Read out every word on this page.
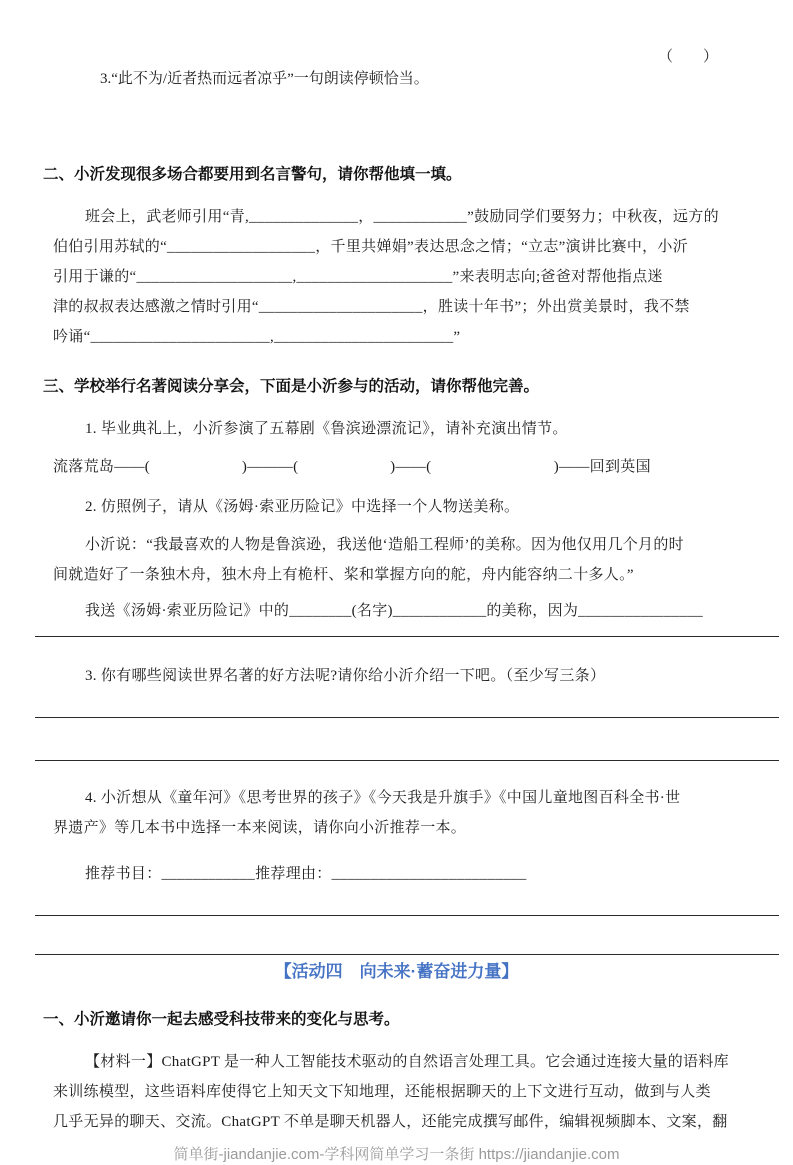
3.“此不为/近者热而远者凉乎”一句朗读停顿恰当。

（　　）

二、小沂发现很多场合都要用到名言警句，请你帮他填一填。
班会上，武老师引用“青,______________，____________”鼓励同学们要努力；中秋夜，远方的
伯伯引用苏轼的“___________________，千里共婵娟”表达思念之情；“立志”演讲比赛中，小沂
引用于谦的“____________________,____________________”来表明志向;爸爸对帮他指点迷
津的叔叔表达感激之情时引用“_____________________，胜读十年书”；外出赏美景时，我不禁
吟诵“_______________________,_______________________”
三、学校举行名著阅读分享会，下面是小沂参与的活动，请你帮他完善。
1. 毕业典礼上，小沂参演了五幕剧《鲁滨逊漂流记》，请补充演出情节。
流落荒岛——(　　　　　　)———(　　　　　　)——(　　　　　　　　)——回到英国
2. 仿照例子，请从《汤姆·索亚历险记》中选择一个人物送美称。
小沂说：“我最喜欢的人物是鲁滨逊，我送他‘造船工程师’的美称。因为他仅用几个月的时
间就造好了一条独木舟，独木舟上有桅杆、桨和掌握方向的舵，舟内能容纳二十多人。”
我送《汤姆·索亚历险记》中的________(名字)____________的美称，因为________________
3. 你有哪些阅读世界名著的好方法呢?请你给小沂介绍一下吧。（至少写三条）
4. 小沂想从《童年河》《思考世界的孩子》《今天我是升旗手》《中国儿童地图百科全书·世
界遗产》等几本书中选择一本来阅读，请你向小沂推荐一本。
推荐书目：____________推荐理由：_________________________
【活动四　向未来·蓄奋进力量】
一、小沂邀请你一起去感受科技带来的变化与思考。
【材料一】ChatGPT 是一种人工智能技术驱动的自然语言处理工具。它会通过连接大量的语料库
来训练模型，这些语料库使得它上知天文下知地理，还能根据聊天的上下文进行互动，做到与人类
几乎无异的聊天、交流。ChatGPT 不单是聊天机器人，还能完成撰写邮件，编辑视频脚本、文案，翻
简单街-jiandanjie.com-学科网简单学习一条街 https://jiandanjie.com
